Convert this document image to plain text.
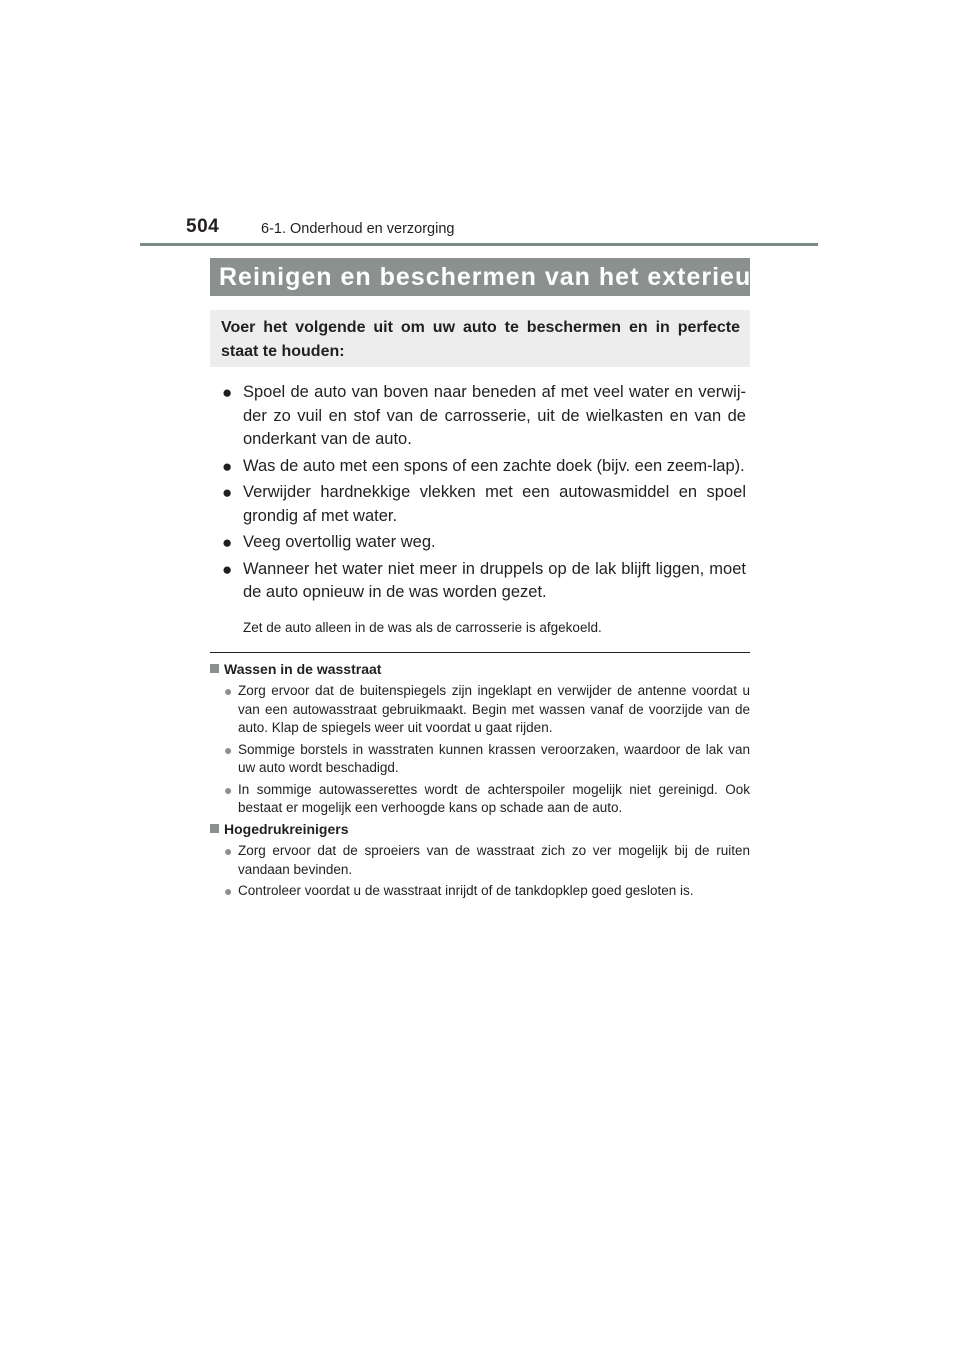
504	6-1. Onderhoud en verzorging
Reinigen en beschermen van het exterieur
Voer het volgende uit om uw auto te beschermen en in perfecte staat te houden:
● Spoel de auto van boven naar beneden af met veel water en verwij-der zo vuil en stof van de carrosserie, uit de wielkasten en van de onderkant van de auto.
● Was de auto met een spons of een zachte doek (bijv. een zeem-lap).
● Verwijder hardnekkige vlekken met een autowasmiddel en spoel grondig af met water.
● Veeg overtollig water weg.
● Wanneer het water niet meer in druppels op de lak blijft liggen, moet de auto opnieuw in de was worden gezet.
Zet de auto alleen in de was als de carrosserie is afgekoeld.
Wassen in de wasstraat
● Zorg ervoor dat de buitenspiegels zijn ingeklapt en verwijder de antenne voordat u van een autowasstraat gebruikmaakt. Begin met wassen vanaf de voorzijde van de auto. Klap de spiegels weer uit voordat u gaat rijden.
● Sommige borstels in wasstraten kunnen krassen veroorzaken, waardoor de lak van uw auto wordt beschadigd.
● In sommige autowasserettes wordt de achterspoiler mogelijk niet gereinigd. Ook bestaat er mogelijk een verhoogde kans op schade aan de auto.
Hogedrukreinigers
● Zorg ervoor dat de sproeiers van de wasstraat zich zo ver mogelijk bij de ruiten vandaan bevinden.
● Controleer voordat u de wasstraat inrijdt of de tankdopklep goed gesloten is.
